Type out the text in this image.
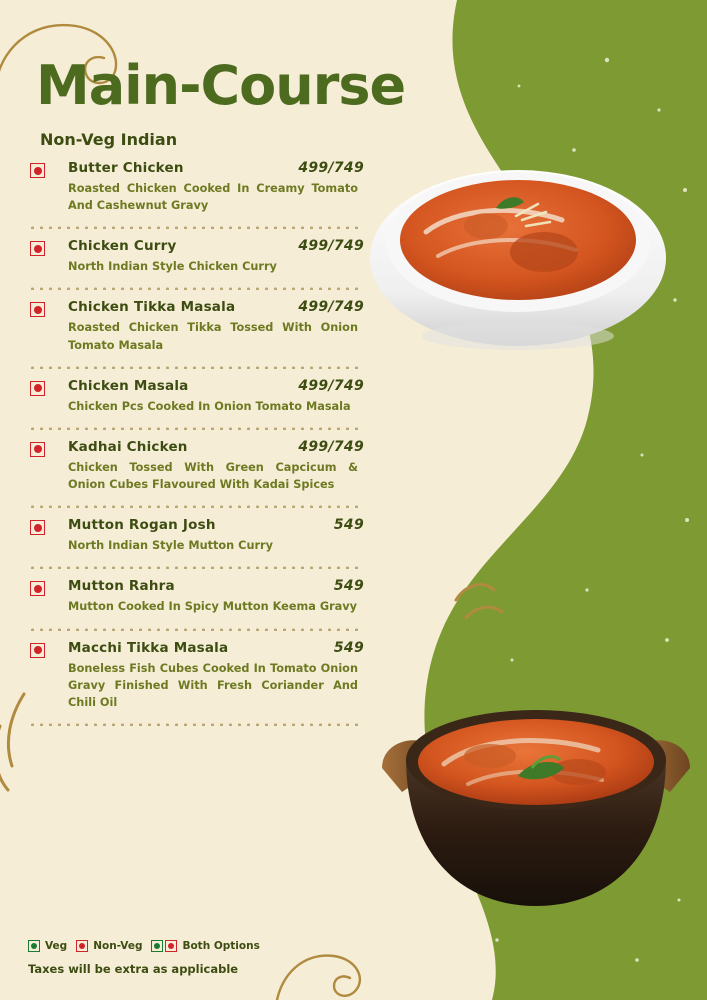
Main-Course
Non-Veg Indian
Butter Chicken	499/749
Roasted Chicken Cooked In Creamy Tomato And Cashewnut Gravy
Chicken Curry	499/749
North Indian Style Chicken Curry
Chicken Tikka Masala	499/749
Roasted Chicken Tikka Tossed With Onion Tomato Masala
Chicken Masala	499/749
Chicken Pcs Cooked In Onion Tomato Masala
Kadhai Chicken	499/749
Chicken Tossed With Green Capcicum & Onion Cubes Flavoured With Kadai Spices
Mutton Rogan Josh	549
North Indian Style Mutton Curry
Mutton Rahra	549
Mutton Cooked In Spicy Mutton Keema Gravy
Macchi Tikka Masala	549
Boneless Fish Cubes Cooked In Tomato Onion Gravy Finished With Fresh Coriander And Chili Oil
Veg Non-Veg	Both Options
Taxes will be extra as applicable
